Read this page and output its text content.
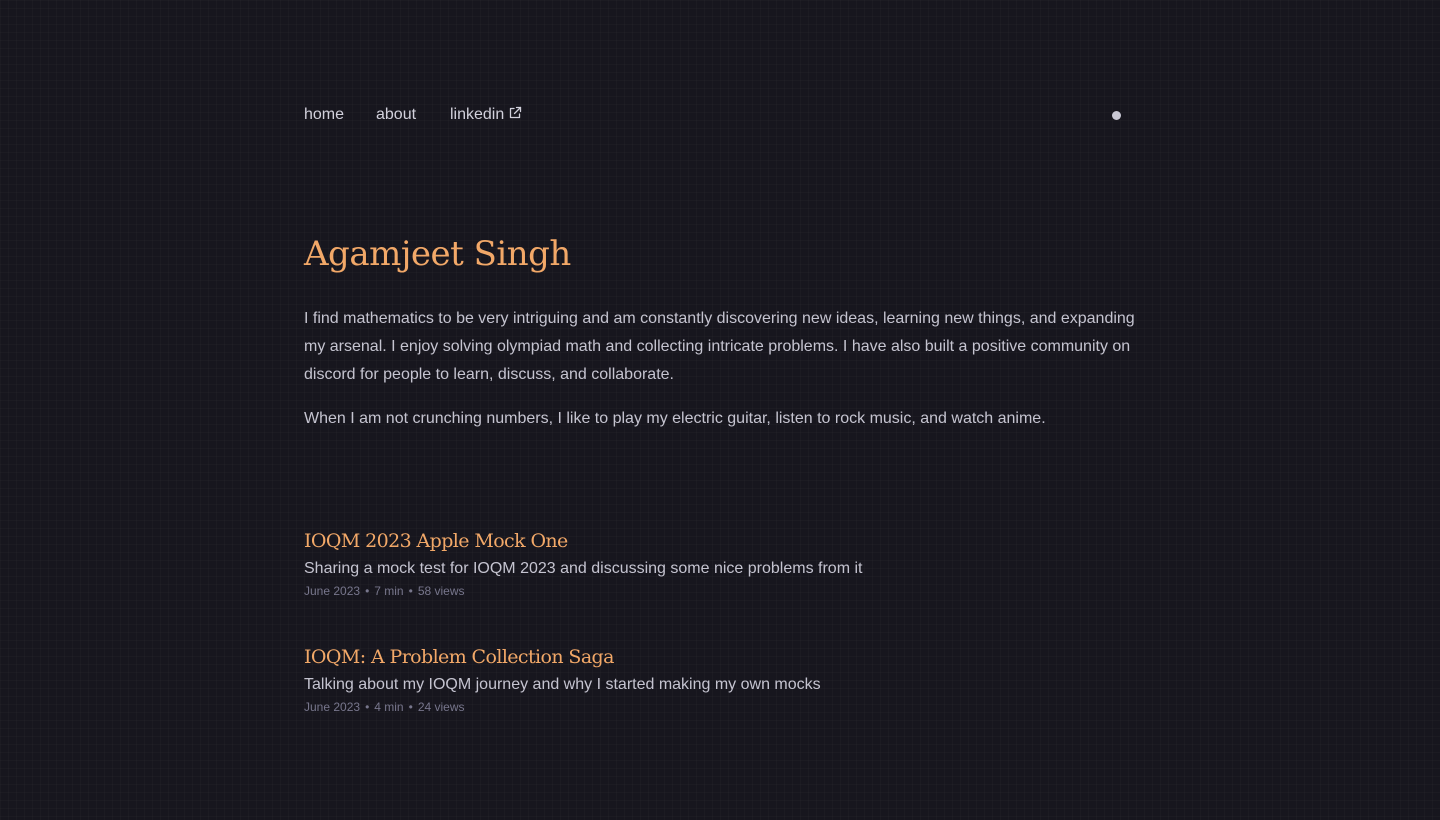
home about linkedin
Agamjeet Singh

I find mathematics to be very intriguing and am constantly discovering new ideas, learning new things, and expanding my arsenal. I enjoy solving olympiad math and collecting intricate problems. I have also built a positive community on discord for people to learn, discuss, and collaborate.

When I am not crunching numbers, I like to play my electric guitar, listen to rock music, and watch anime.

IOQM 2023 Apple Mock One
Sharing a mock test for IOQM 2023 and discussing some nice problems from it
June 2023 • 7 min • 58 views
IOQM: A Problem Collection Saga
Talking about my IOQM journey and why I started making my own mocks
June 2023 • 4 min • 24 views
